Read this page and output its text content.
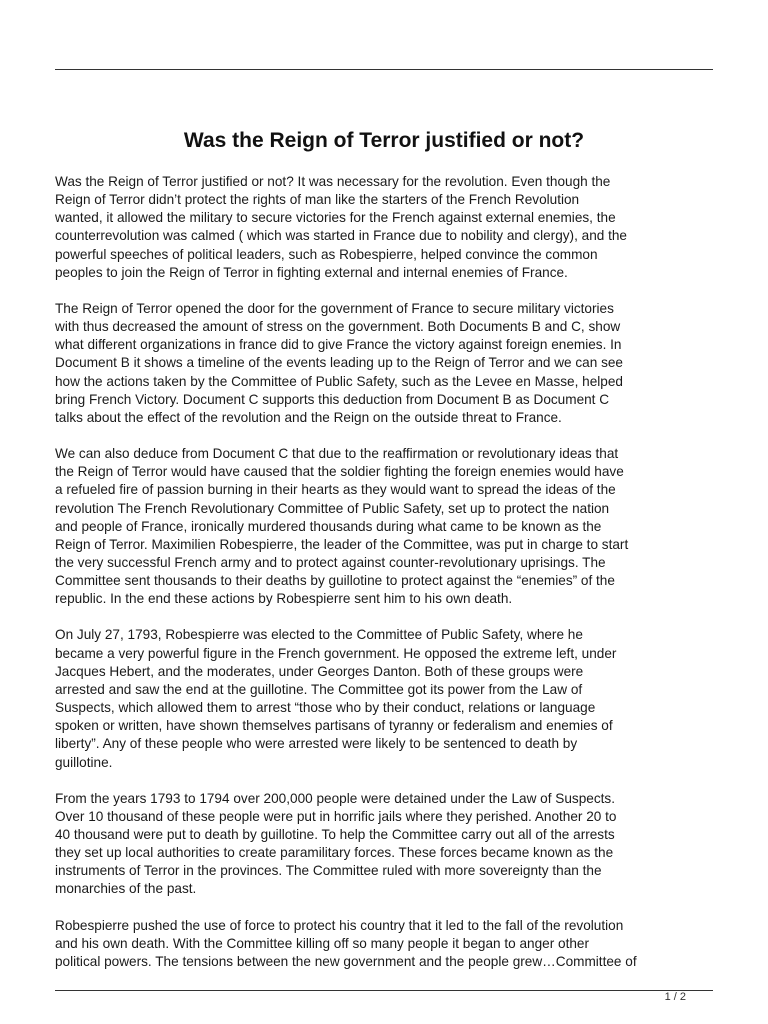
Was the Reign of Terror justified or not?

Was the Reign of Terror justified or not? It was necessary for the revolution. Even though the
Reign of Terror didn’t protect the rights of man like the starters of the French Revolution
wanted, it allowed the military to secure victories for the French against external enemies, the
counterrevolution was calmed ( which was started in France due to nobility and clergy), and the
powerful speeches of political leaders, such as Robespierre, helped convince the common
peoples to join the Reign of Terror in fighting external and internal enemies of France.

The Reign of Terror opened the door for the government of France to secure military victories
with thus decreased the amount of stress on the government. Both Documents B and C, show
what different organizations in france did to give France the victory against foreign enemies. In
Document B it shows a timeline of the events leading up to the Reign of Terror and we can see
how the actions taken by the Committee of Public Safety, such as the Levee en Masse, helped
bring French Victory. Document C supports this deduction from Document B as Document C
talks about the effect of the revolution and the Reign on the outside threat to France.

We can also deduce from Document C that due to the reaffirmation or revolutionary ideas that
the Reign of Terror would have caused that the soldier fighting the foreign enemies would have
a refueled fire of passion burning in their hearts as they would want to spread the ideas of the
revolution The French Revolutionary Committee of Public Safety, set up to protect the nation
and people of France, ironically murdered thousands during what came to be known as the
Reign of Terror. Maximilien Robespierre, the leader of the Committee, was put in charge to start
the very successful French army and to protect against counter-revolutionary uprisings. The
Committee sent thousands to their deaths by guillotine to protect against the “enemies” of the
republic. In the end these actions by Robespierre sent him to his own death.

On July 27, 1793, Robespierre was elected to the Committee of Public Safety, where he
became a very powerful figure in the French government. He opposed the extreme left, under
Jacques Hebert, and the moderates, under Georges Danton. Both of these groups were
arrested and saw the end at the guillotine. The Committee got its power from the Law of
Suspects, which allowed them to arrest “those who by their conduct, relations or language
spoken or written, have shown themselves partisans of tyranny or federalism and enemies of
liberty”. Any of these people who were arrested were likely to be sentenced to death by
guillotine.

From the years 1793 to 1794 over 200,000 people were detained under the Law of Suspects.
Over 10 thousand of these people were put in horrific jails where they perished. Another 20 to
40 thousand were put to death by guillotine. To help the Committee carry out all of the arrests
they set up local authorities to create paramilitary forces. These forces became known as the
instruments of Terror in the provinces. The Committee ruled with more sovereignty than the
monarchies of the past.

Robespierre pushed the use of force to protect his country that it led to the fall of the revolution
and his own death. With the Committee killing off so many people it began to anger other
political powers. The tensions between the new government and the people grew…Committee of

1 / 2
